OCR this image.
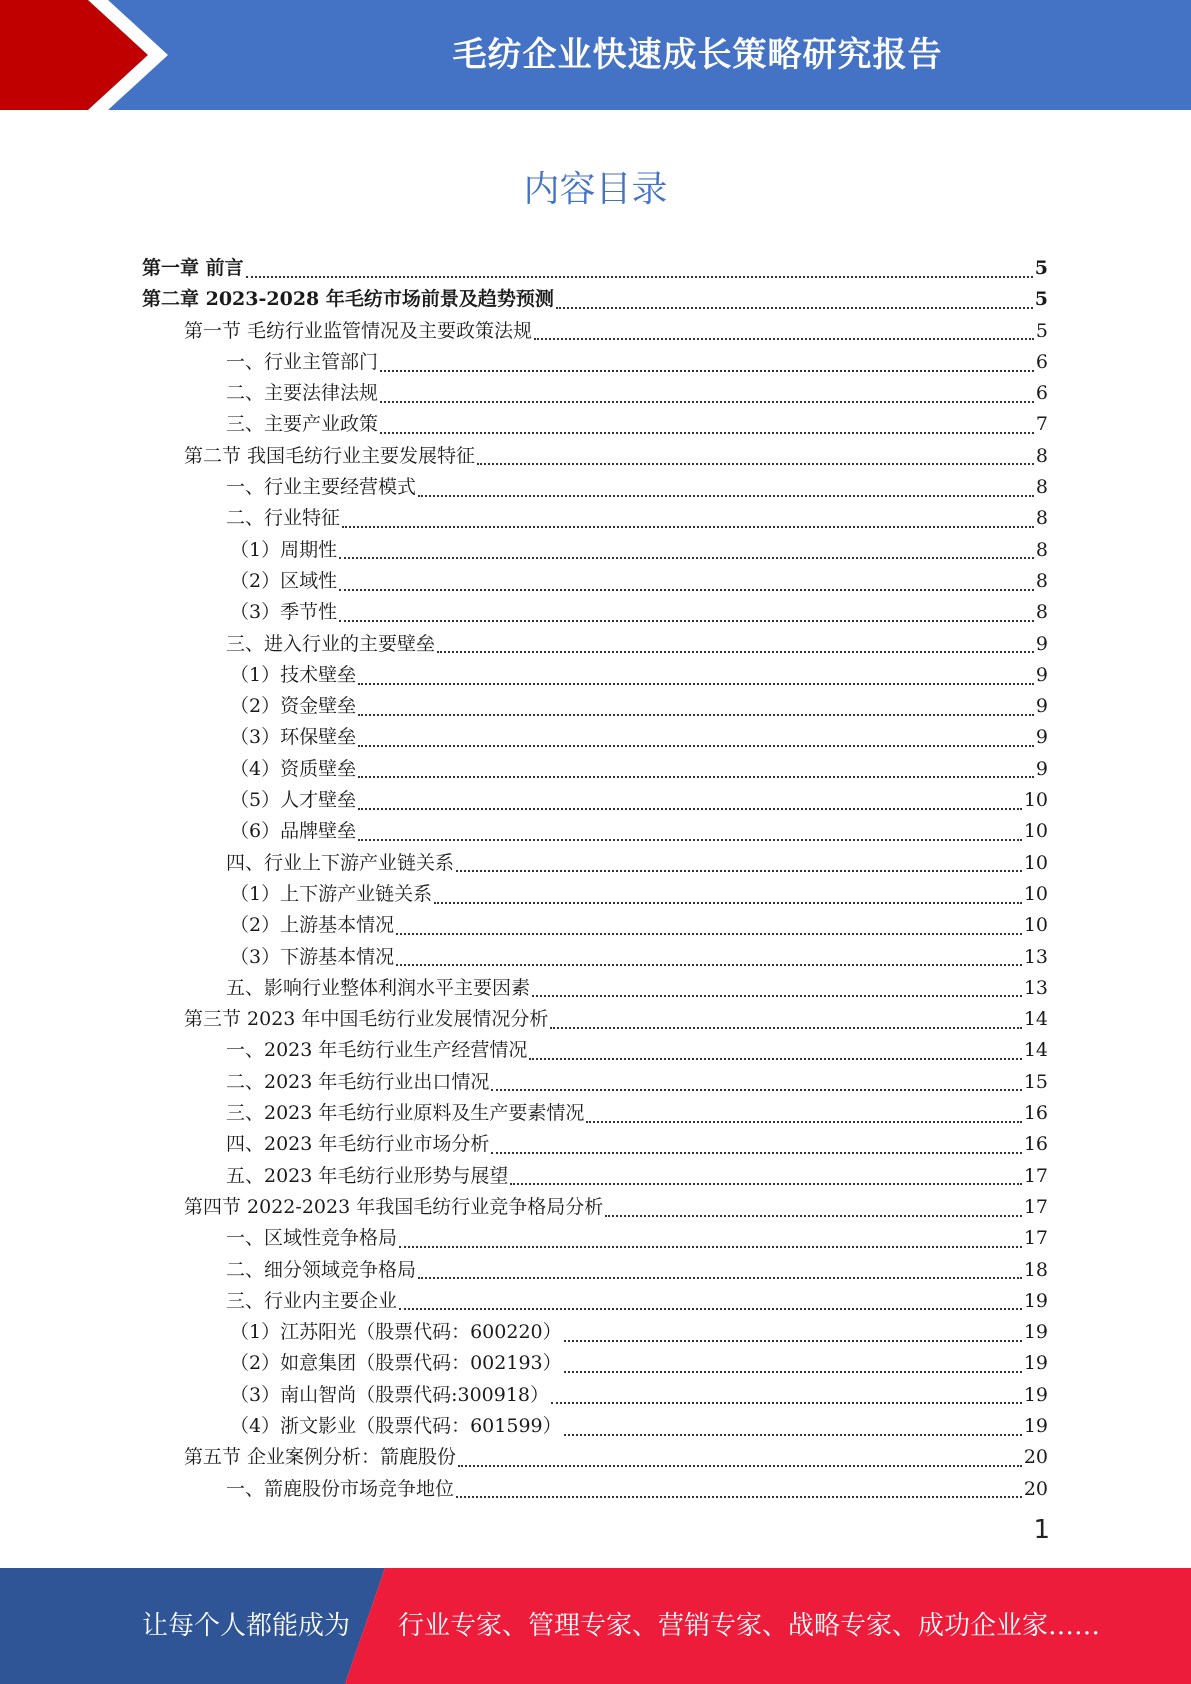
毛纺企业快速成长策略研究报告
内容目录
第一章 前言	5
第二章 2023-2028 年毛纺市场前景及趋势预测	5
第一节 毛纺行业监管情况及主要政策法规	5
一、行业主管部门	6
二、主要法律法规	6
三、主要产业政策	7
第二节 我国毛纺行业主要发展特征	8
一、行业主要经营模式	8
二、行业特征	8
（1）周期性	8
（2）区域性	8
（3）季节性	8
三、进入行业的主要壁垒	9
（1）技术壁垒	9
（2）资金壁垒	9
（3）环保壁垒	9
（4）资质壁垒	9
（5）人才壁垒	10
（6）品牌壁垒	10
四、行业上下游产业链关系	10
（1）上下游产业链关系	10
（2）上游基本情况	10
（3）下游基本情况	13
五、影响行业整体利润水平主要因素	13
第三节 2023 年中国毛纺行业发展情况分析	14
一、2023 年毛纺行业生产经营情况	14
二、2023 年毛纺行业出口情况	15
三、2023 年毛纺行业原料及生产要素情况	16
四、2023 年毛纺行业市场分析	16
五、2023 年毛纺行业形势与展望	17
第四节 2022-2023 年我国毛纺行业竞争格局分析	17
一、区域性竞争格局	17
二、细分领域竞争格局	18
三、行业内主要企业	19
（1）江苏阳光（股票代码：600220）	19
（2）如意集团（股票代码：002193）	19
（3）南山智尚（股票代码:300918）	19
（4）浙文影业（股票代码：601599）	19
第五节 企业案例分析：箭鹿股份	20
一、箭鹿股份市场竞争地位	20
1
让每个人都能成为 行业专家、管理专家、营销专家、战略专家、成功企业家……
